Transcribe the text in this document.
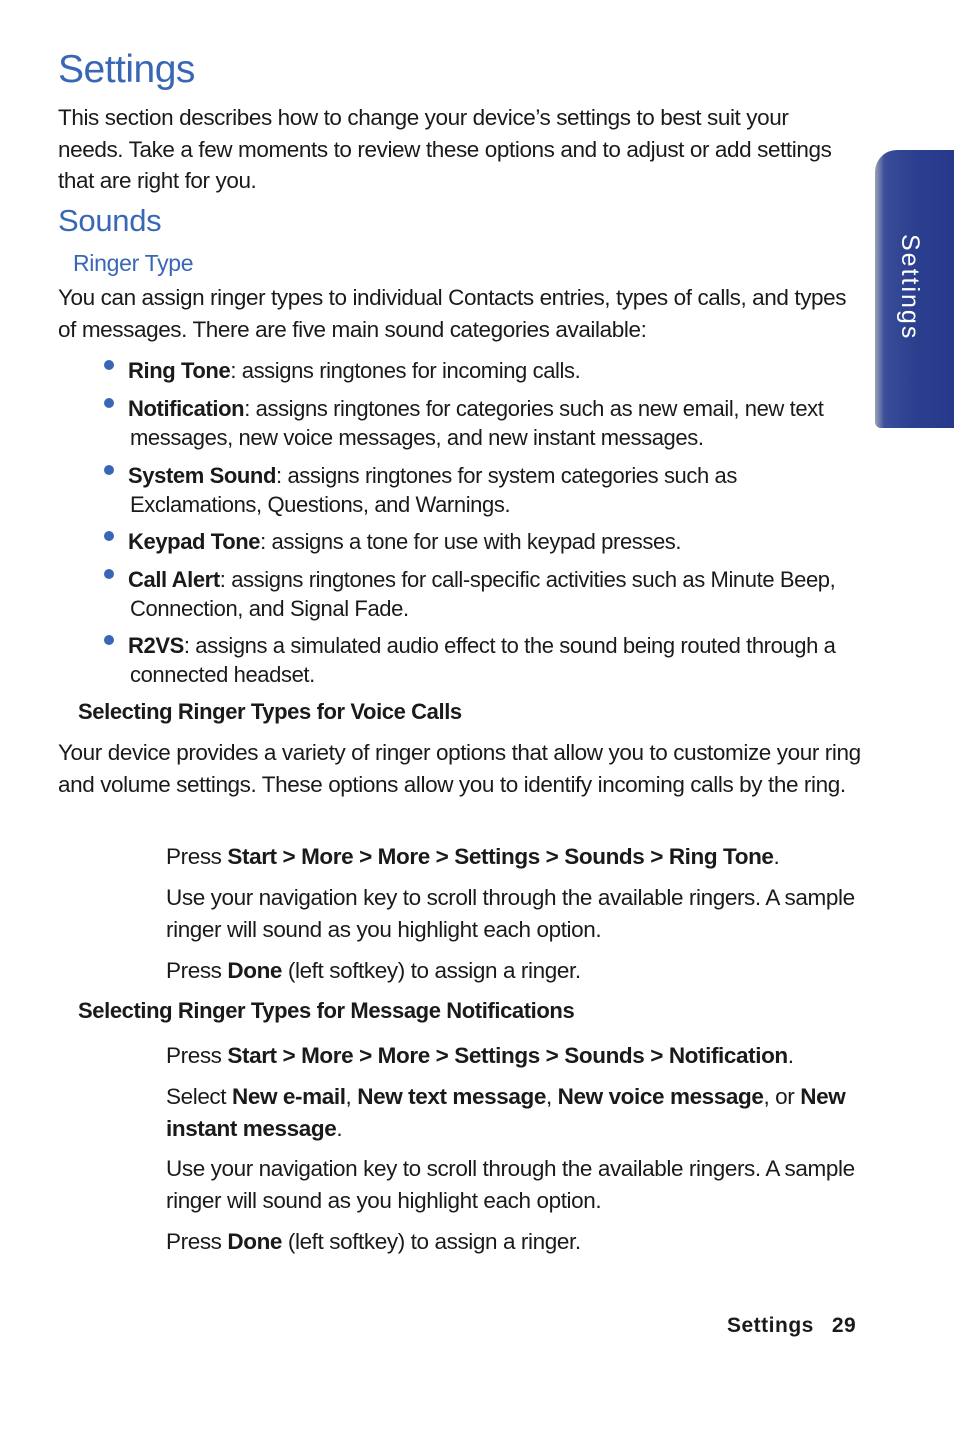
Settings

This section describes how to change your device’s settings to best suit your needs. Take a few moments to review these options and to adjust or add settings that are right for you.

Sounds
Ringer Type

You can assign ringer types to individual Contacts entries, types of calls, and types of messages. There are five main sound categories available:

Ring Tone: assigns ringtones for incoming calls.
Notification: assigns ringtones for categories such as new email, new text
messages, new voice messages, and new instant messages.
System Sound: assigns ringtones for system categories such as
Exclamations, Questions, and Warnings.
Keypad Tone: assigns a tone for use with keypad presses.
Call Alert: assigns ringtones for call-specific activities such as Minute Beep,
Connection, and Signal Fade.
R2VS: assigns a simulated audio effect to the sound being routed through a
connected headset.
Selecting Ringer Types for Voice Calls

Your device provides a variety of ringer options that allow you to customize your ring and volume settings. These options allow you to identify incoming calls by the ring.

Press Start > More > More > Settings > Sounds > Ring Tone.

Use your navigation key to scroll through the available ringers. A sample ringer will sound as you highlight each option.

Press Done (left softkey) to assign a ringer.

Selecting Ringer Types for Message Notifications

Press Start > More > More > Settings > Sounds > Notification.

Select New e-mail, New text message, New voice message, or New instant message.

Use your navigation key to scroll through the available ringers. A sample ringer will sound as you highlight each option.

Press Done (left softkey) to assign a ringer.

Settings
Settings 29
